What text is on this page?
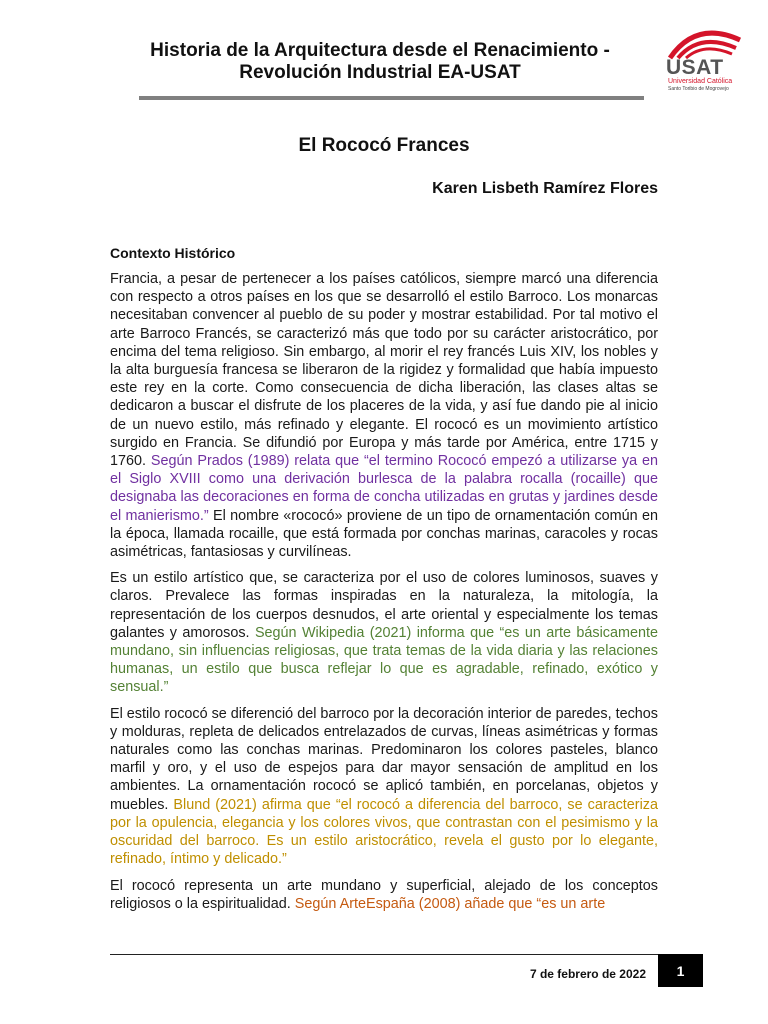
Historia de la Arquitectura desde el Renacimiento -
Revolución Industrial EA-USAT	USAT
Universidad Católica
Santo Toribio de Mogrovejo
El Rococó Frances
Karen Lisbeth Ramírez Flores
Contexto Histórico

Francia, a pesar de pertenecer a los países católicos, siempre marcó una diferencia con respecto a otros países en los que se desarrolló el estilo Barroco. Los monarcas necesitaban convencer al pueblo de su poder y mostrar estabilidad. Por tal motivo el arte Barroco Francés, se caracterizó más que todo por su carácter aristocrático, por encima del tema religioso. Sin embargo, al morir el rey francés Luis XIV, los nobles y la alta burguesía francesa se liberaron de la rigidez y formalidad que había impuesto este rey en la corte. Como consecuencia de dicha liberación, las clases altas se dedicaron a buscar el disfrute de los placeres de la vida, y así fue dando pie al inicio de un nuevo estilo, más refinado y elegante. El rococó es un movimiento artístico surgido en Francia. Se difundió por Europa y más tarde por América, entre 1715 y 1760. Según Prados (1989) relata que “el termino Rococó empezó a utilizarse ya en el Siglo XVIII como una derivación burlesca de la palabra rocalla (rocaille) que designaba las decoraciones en forma de concha utilizadas en grutas y jardines desde el manierismo.” El nombre «rococó» proviene de un tipo de ornamentación común en la época, llamada rocaille, que está formada por conchas marinas, caracoles y rocas asimétricas, fantasiosas y curvilíneas.

Es un estilo artístico que, se caracteriza por el uso de colores luminosos, suaves y claros. Prevalece las formas inspiradas en la naturaleza, la mitología, la representación de los cuerpos desnudos, el arte oriental y especialmente los temas galantes y amorosos. Según Wikipedia (2021) informa que “es un arte básicamente mundano, sin influencias religiosas, que trata temas de la vida diaria y las relaciones humanas, un estilo que busca reflejar lo que es agradable, refinado, exótico y sensual.”

El estilo rococó se diferenció del barroco por la decoración interior de paredes, techos y molduras, repleta de delicados entrelazados de curvas, líneas asimétricas y formas naturales como las conchas marinas. Predominaron los colores pasteles, blanco marfil y oro, y el uso de espejos para dar mayor sensación de amplitud en los ambientes. La ornamentación rococó se aplicó también, en porcelanas, objetos y muebles. Blund (2021) afirma que “el rococó a diferencia del barroco, se caracteriza por la opulencia, elegancia y los colores vivos, que contrastan con el pesimismo y la oscuridad del barroco. Es un estilo aristocrático, revela el gusto por lo elegante, refinado, íntimo y delicado.”

El rococó representa un arte mundano y superficial, alejado de los conceptos religiosos o la espiritualidad. Según ArteEspaña (2008) añade que “es un arte

7 de febrero de 2022	1
